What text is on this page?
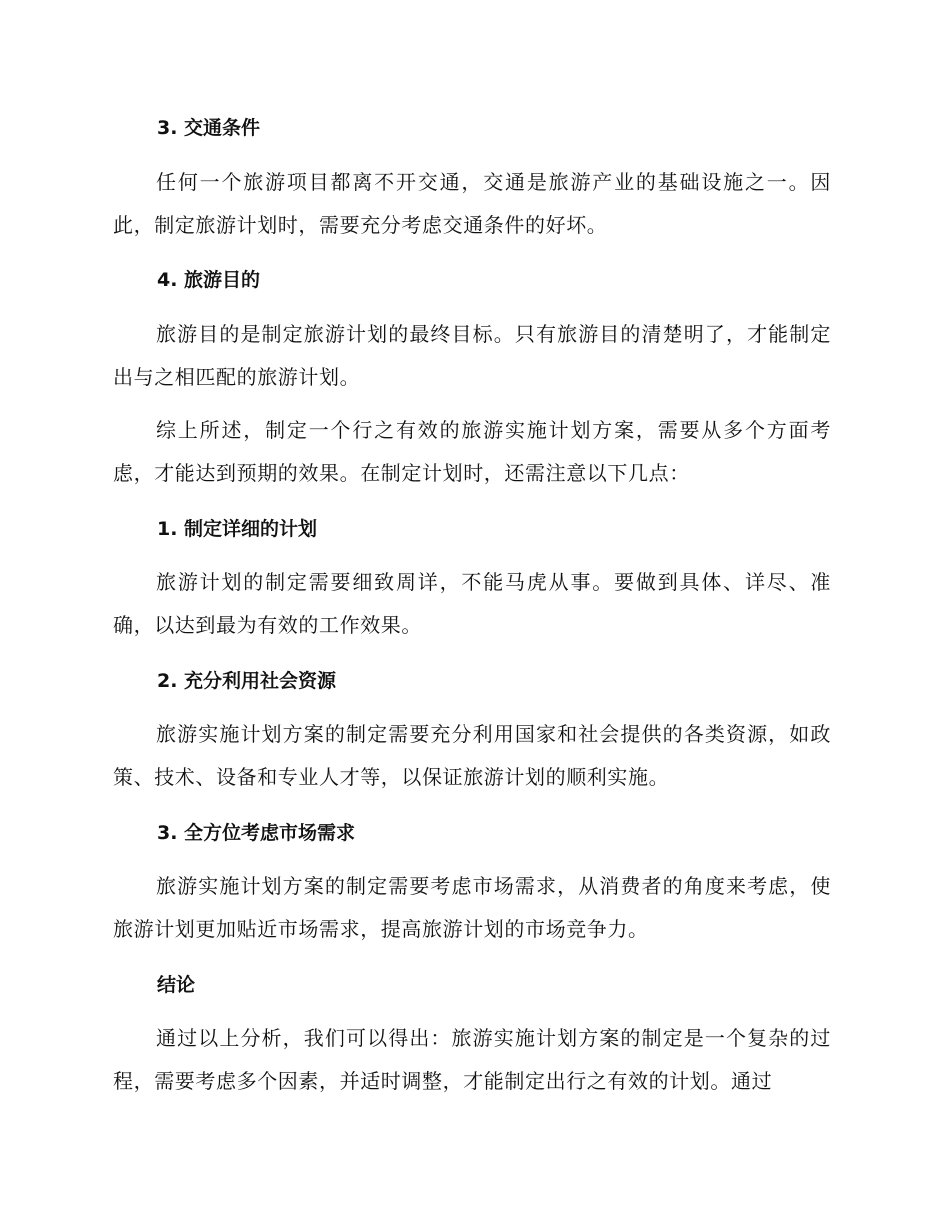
3. 交通条件

任何一个旅游项目都离不开交通，交通是旅游产业的基础设施之一。因此，制定旅游计划时，需要充分考虑交通条件的好坏。

4. 旅游目的

旅游目的是制定旅游计划的最终目标。只有旅游目的清楚明了，才能制定出与之相匹配的旅游计划。

综上所述，制定一个行之有效的旅游实施计划方案，需要从多个方面考虑，才能达到预期的效果。在制定计划时，还需注意以下几点：

1. 制定详细的计划

旅游计划的制定需要细致周详，不能马虎从事。要做到具体、详尽、准确，以达到最为有效的工作效果。

2. 充分利用社会资源

旅游实施计划方案的制定需要充分利用国家和社会提供的各类资源，如政策、技术、设备和专业人才等，以保证旅游计划的顺利实施。

3. 全方位考虑市场需求

旅游实施计划方案的制定需要考虑市场需求，从消费者的角度来考虑，使旅游计划更加贴近市场需求，提高旅游计划的市场竞争力。

结论

通过以上分析，我们可以得出：旅游实施计划方案的制定是一个复杂的过程，需要考虑多个因素，并适时调整，才能制定出行之有效的计划。通过
